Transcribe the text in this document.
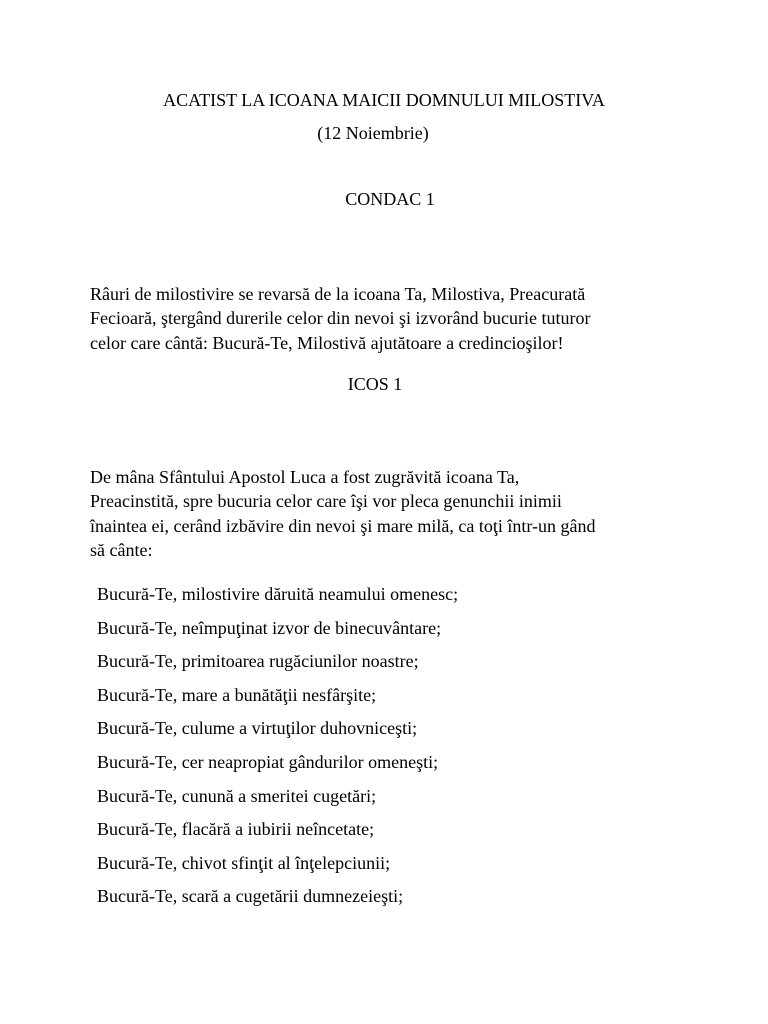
ACATIST LA ICOANA MAICII DOMNULUI MILOSTIVA
(12 Noiembrie)
CONDAC 1

Râuri de milostivire se revarsă de la icoana Ta, Milostiva, Preacurată
Fecioară, ştergând durerile celor din nevoi şi izvorând bucurie tuturor
celor care cântă: Bucură-Te, Milostivă ajutătoare a credincioşilor!

ICOS 1

De mâna Sfântului Apostol Luca a fost zugrăvită icoana Ta,
Preacinstită, spre bucuria celor care îşi vor pleca genunchii inimii
înaintea ei, cerând izbăvire din nevoi şi mare milă, ca toţi într-un gând
să cânte:

Bucură-Te, milostivire dăruită neamului omenesc;
Bucură-Te, neîmpuţinat izvor de binecuvântare;
Bucură-Te, primitoarea rugăciunilor noastre;
Bucură-Te, mare a bunătăţii nesfârşite;
Bucură-Te, culume a virtuţilor duhovniceşti;
Bucură-Te, cer neapropiat gândurilor omeneşti;
Bucură-Te, cunună a smeritei cugetări;
Bucură-Te, flacără a iubirii neîncetate;
Bucură-Te, chivot sfinţit al înţelepciunii;
Bucură-Te, scară a cugetării dumnezeieşti;
